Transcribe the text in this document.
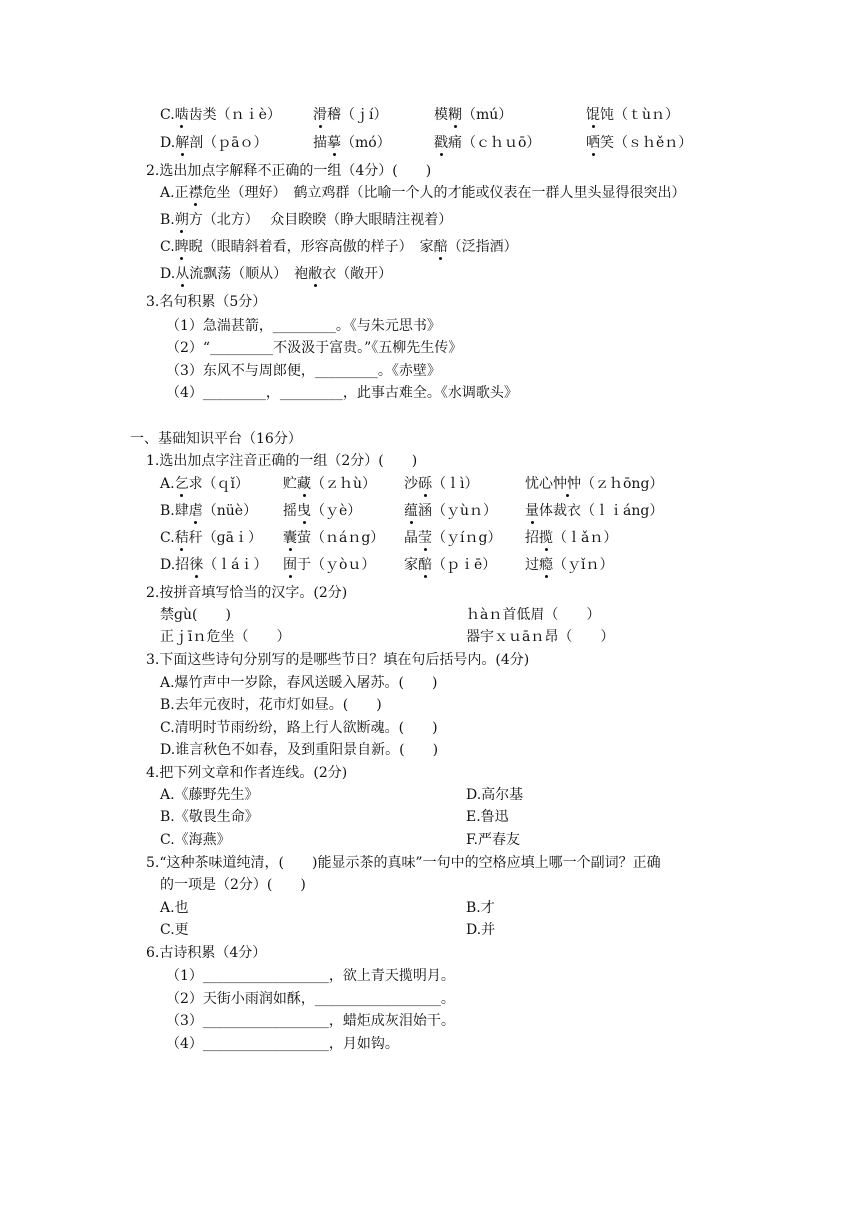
C.啮齿类（ｎｉè） 滑稽（ｊí）	模糊（mú）	馄饨（ｔùｎ）
D.解剖（ｐāｏ）	描摹（mó）	戳痛（ｃｈｕō）	哂笑（ｓｈěｎ）
2.选出加点字解释不正确的一组（4分）(　　)
A.正襟危坐（理好）　鹤立鸡群（比喻一个人的才能或仪表在一群人里头显得很突出）
B.朔方（北方）　 众目睽睽（睁大眼睛注视着）
C.睥睨（眼睛斜着看，形容高傲的样子）　家醅（泛指酒）
D.从流飘荡（顺从）　袍敝衣（敞开）
3.名句积累（5分）
（1）急湍甚箭，_________。《与朱元思书》
（2）“_________不汲汲于富贵。”《五柳先生传》
（3）东风不与周郎便，_________。《赤壁》
（4）_________，_________，此事古难全。《水调歌头》
一、基础知识平台（16分）
1.选出加点字注音正确的一组（2分）(　　)
A.乞求（ｑǐ） 贮藏（ｚｈù） 沙砾（ｌì）	忧心忡忡（ｚｈōng）
B.肆虐（nüè） 摇曳（ｙè）	蕴涵（ｙùｎ） 量体裁衣（ｌｉáng）
C.秸秆（ɡāｉ） 囊萤（ｎáｎg） 晶莹（ｙíｎg） 招揽（ｌǎｎ）
D.招徕（ｌáｉ） 囿于（ｙòｕ） 家醅（ｐｉē） 过瘾（ｙǐｎ）
2.按拼音填写恰当的汉字。(2分)
禁ɡù(　　)	ｈàｎ首低眉（　　）
正ｊīｎ危坐（　　）	器宇ｘｕāｎ昂（　　）
3.下面这些诗句分别写的是哪些节日？填在句后括号内。(4分)
A.爆竹声中一岁除，春风送暖入屠苏。(　　)
B.去年元夜时，花市灯如昼。(　　)
C.清明时节雨纷纷，路上行人欲断魂。(　　)
D.谁言秋色不如春，及到重阳景自新。(　　)
4.把下列文章和作者连线。(2分)
A.《藤野先生》	D.高尔基
B.《敬畏生命》	E.鲁迅
C.《海燕》	F.严春友
5.“这种茶味道纯清，(　　)能显示茶的真味”一句中的空格应填上哪一个副词？正确
的一项是（2分）(　　)
A.也	B.才
C.更	D.并
6.古诗积累（4分）
（1）__________________，欲上青天揽明月。
（2）天街小雨润如酥，__________________。
（3）__________________，蜡炬成灰泪始干。
（4）__________________，月如钩。
